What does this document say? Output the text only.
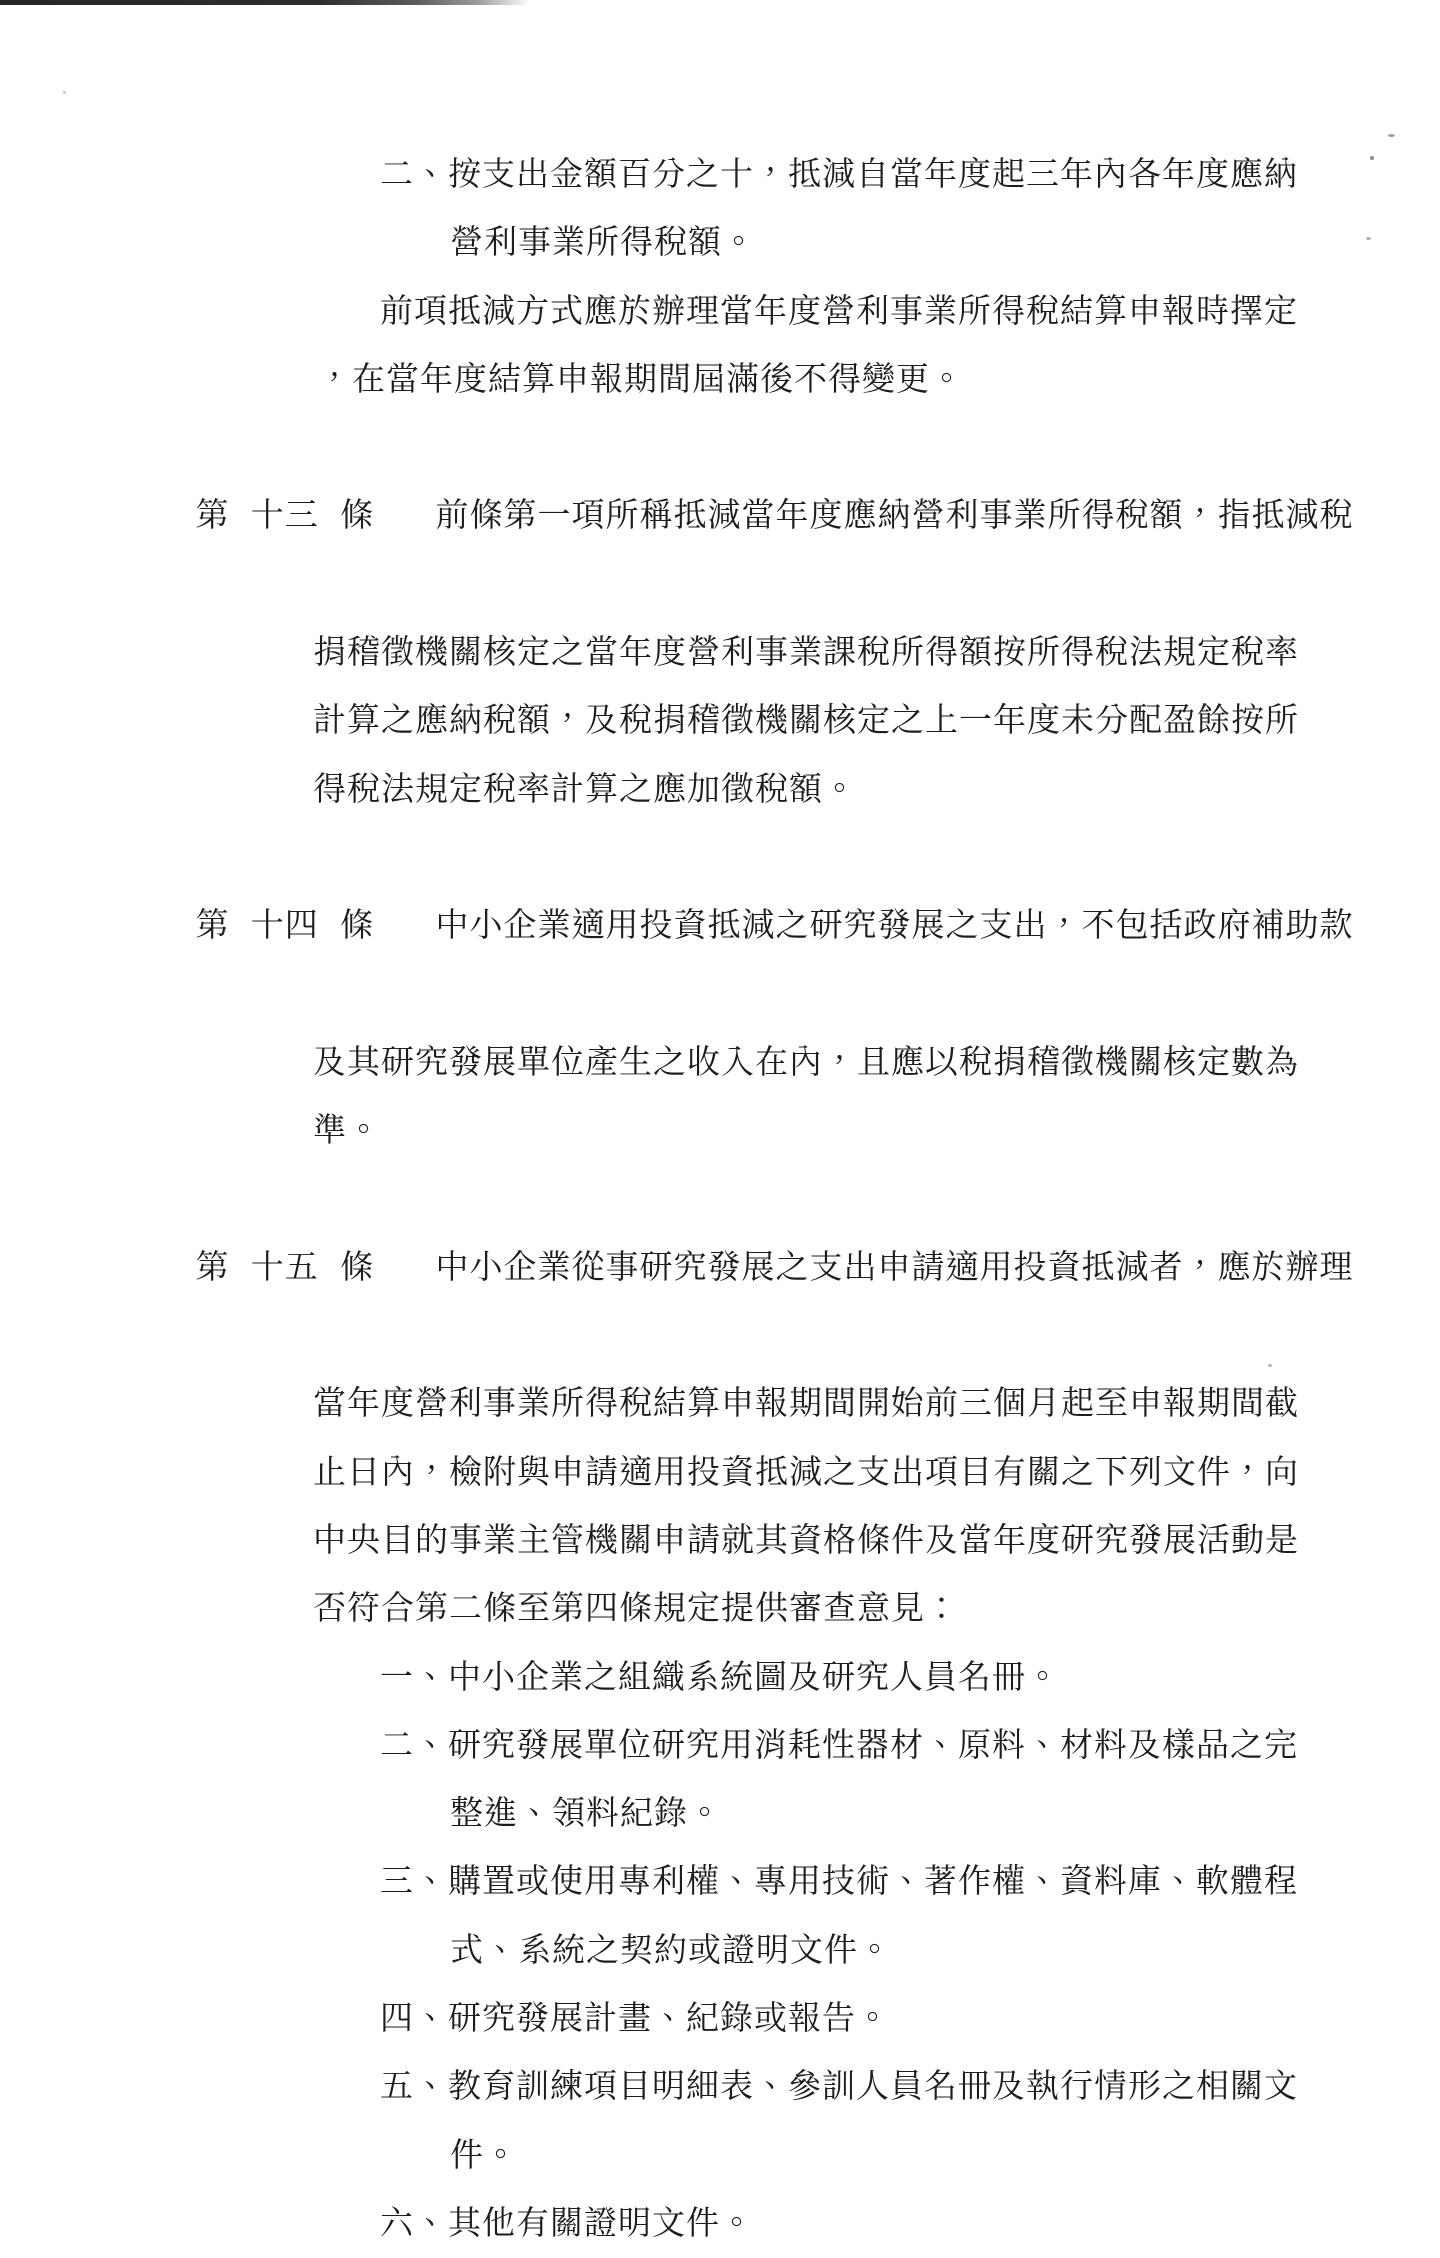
二、按支出金額百分之十，抵減自當年度起三年內各年度應納
營利事業所得稅額。
前項抵減方式應於辦理當年度營利事業所得稅結算申報時擇定
，在當年度結算申報期間屆滿後不得變更。

第 十三 條 前條第一項所稱抵減當年度應納營利事業所得稅額，指抵減稅

捐稽徵機關核定之當年度營利事業課稅所得額按所得稅法規定稅率
計算之應納稅額，及稅捐稽徵機關核定之上一年度未分配盈餘按所
得稅法規定稅率計算之應加徵稅額。

第 十四 條 中小企業適用投資抵減之研究發展之支出，不包括政府補助款

及其研究發展單位產生之收入在內，且應以稅捐稽徵機關核定數為
準。

第 十五 條 中小企業從事研究發展之支出申請適用投資抵減者，應於辦理

當年度營利事業所得稅結算申報期間開始前三個月起至申報期間截
止日內，檢附與申請適用投資抵減之支出項目有關之下列文件，向
中央目的事業主管機關申請就其資格條件及當年度研究發展活動是
否符合第二條至第四條規定提供審查意見：
一、中小企業之組織系統圖及研究人員名冊。
二、研究發展單位研究用消耗性器材、原料、材料及樣品之完
整進、領料紀錄。
三、購置或使用專利權、專用技術、著作權、資料庫、軟體程
式、系統之契約或證明文件。
四、研究發展計畫、紀錄或報告。
五、教育訓練項目明細表、參訓人員名冊及執行情形之相關文
件。
六、其他有關證明文件。
